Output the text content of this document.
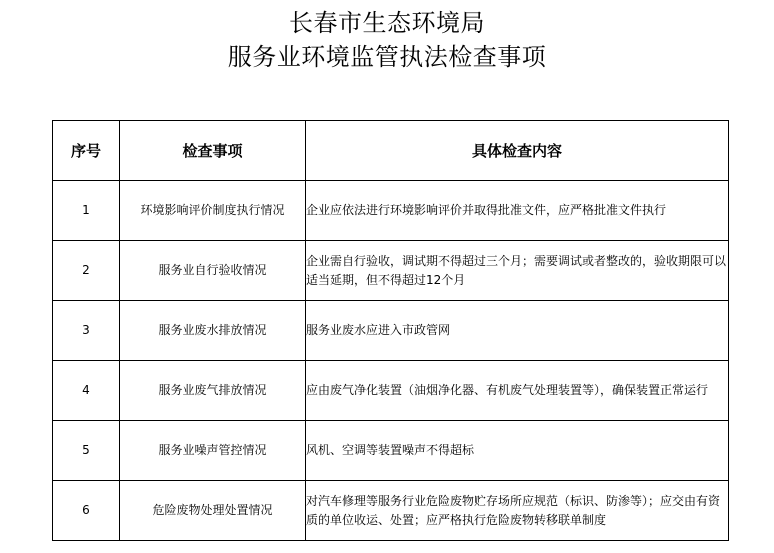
长春市生态环境局
服务业环境监管执法检查事项
序号	检查事项	具体检查内容
1	环境影响评价制度执行情况	企业应依法进行环境影响评价并取得批准文件，应严格批准文件执行
2	服务业自行验收情况	企业需自行验收，调试期不得超过三个月；需要调试或者整改的，验收期限可以适当延期，但不得超过12个月
3	服务业废水排放情况	服务业废水应进入市政管网
4	服务业废气排放情况	应由废气净化装置（油烟净化器、有机废气处理装置等），确保装置正常运行
5	服务业噪声管控情况	风机、空调等装置噪声不得超标
6	危险废物处理处置情况	对汽车修理等服务行业危险废物贮存场所应规范（标识、防渗等）；应交由有资质的单位收运、处置；应严格执行危险废物转移联单制度
